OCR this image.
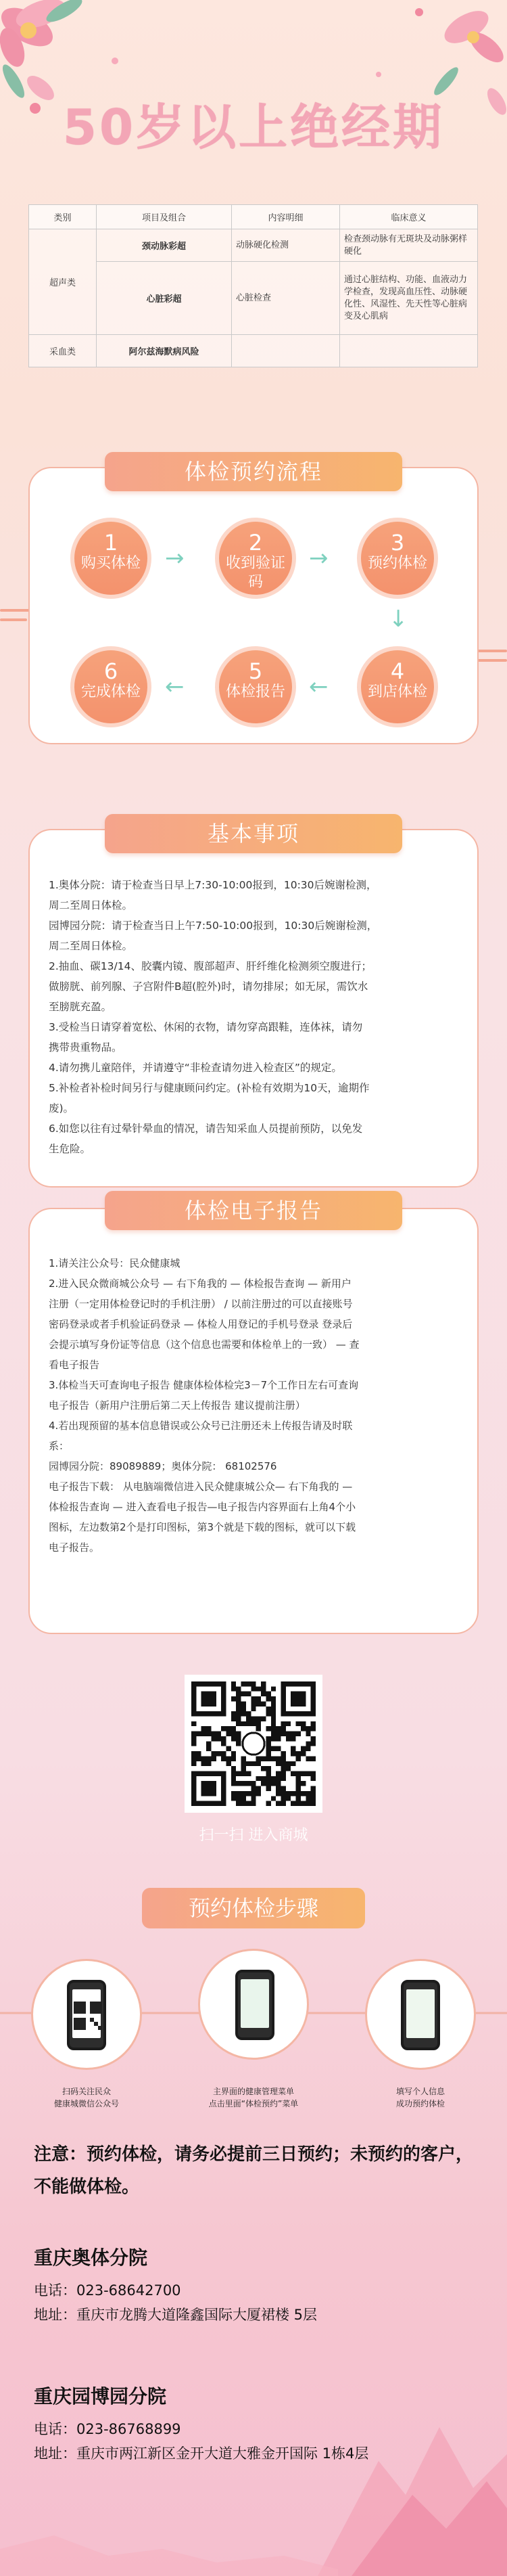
50岁以上绝经期
类别	项目及组合	内容明细	临床意义
超声类	颈动脉彩超	动脉硬化检测	检查颈动脉有无斑块及动脉粥样硬化
	心脏彩超	心脏检查	通过心脏结构、功能、血液动力学检查，发现高血压性、动脉硬化性、风湿性、先天性等心脏病变及心肌病
采血类	阿尔兹海默病风险		
体检预约流程
1
购买体检 →
2
收到验证码
→
3
预约体检
↓
4
到店体检
←
5
体检报告
←
6
完成体检
基本事项
1.奥体分院：请于检查当日早上7:30-10:00报到，10:30后婉谢检测，
周二至周日体检。
园博园分院：请于检查当日上午7:50-10:00报到，10:30后婉谢检测，
周二至周日体检。
2.抽血、碳13/14、胶囊内镜、腹部超声、肝纤维化检测须空腹进行；
做膀胱、前列腺、子宫附件B超(腔外)时，请勿排尿；如无尿，需饮水
至膀胱充盈。
3.受检当日请穿着宽松、休闲的衣物，请勿穿高跟鞋，连体袜，请勿
携带贵重物品。
4.请勿携儿童陪伴，并请遵守“非检查请勿进入检查区”的规定。
5.补检者补检时间另行与健康顾问约定。(补检有效期为10天，逾期作
废)。
6.如您以往有过晕针晕血的情况，请告知采血人员提前预防，以免发
生危险。
体检电子报告
1.请关注公众号：民众健康城
2.进入民众微商城公众号 — 右下角我的 — 体检报告查询 — 新用户
注册（一定用体检登记时的手机注册） / 以前注册过的可以直接账号
密码登录或者手机验证码登录 — 体检人用登记的手机号登录 登录后
会提示填写身份证等信息（这个信息也需要和体检单上的一致） — 查
看电子报告
3.体检当天可查询电子报告 健康体检体检完3－7个工作日左右可查询
电子报告（新用户注册后第二天上传报告 建议提前注册）
4.若出现预留的基本信息错误或公众号已注册还未上传报告请及时联
系：
园博园分院：89089889；奥体分院： 68102576
电子报告下载： 从电脑端微信进入民众健康城公众— 右下角我的 —
体检报告查询 — 进入查看电子报告—电子报告内容界面右上角4个小
图标，左边数第2个是打印图标，第3个就是下载的图标，就可以下载
电子报告。
扫一扫 进入商城
预约体检步骤
扫码关注民众
健康城微信公众号
主界面的健康管理菜单
点击里面“体检预约”菜单
填写个人信息
成功预约体检
注意：预约体检，请务必提前三日预约；未预约的客户，不能做体检。
重庆奥体分院
电话：023-68642700
地址：重庆市龙腾大道隆鑫国际大厦裙楼 5层
重庆园博园分院
电话：023-86768899
地址：重庆市两江新区金开大道大雅金开国际 1栋4层
